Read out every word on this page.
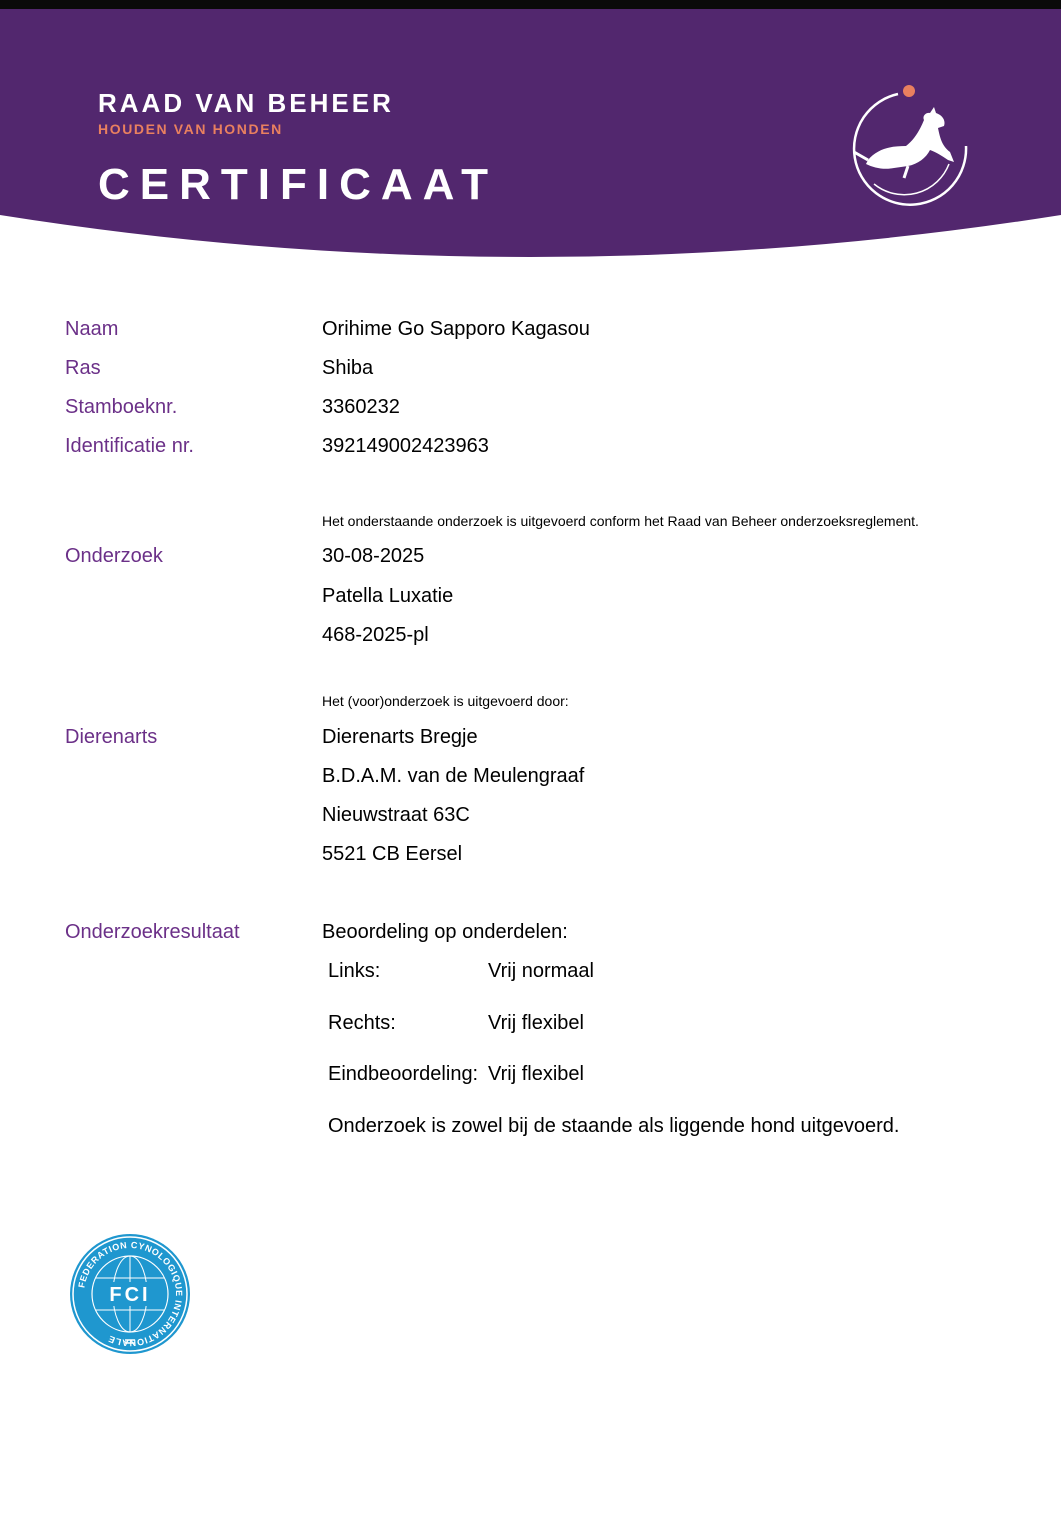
RAAD VAN BEHEER
HOUDEN VAN HONDEN
CERTIFICAAT
Naam	Orihime Go Sapporo Kagasou
Ras	Shiba
Stamboeknr.	3360232
Identificatie nr.	392149002423963
Het onderstaande onderzoek is uitgevoerd conform het Raad van Beheer onderzoeksreglement.
Onderzoek	30-08-2025
Patella Luxatie
468-2025-pl
Het (voor)onderzoek is uitgevoerd door:
Dierenarts	Dierenarts Bregje
B.D.A.M. van de Meulengraaf
Nieuwstraat 63C
5521 CB Eersel
Onderzoekresultaat	Beoordeling op onderdelen:
Links:	Vrij normaal
Rechts:	Vrij flexibel
Eindbeoordeling: Vrij flexibel
Onderzoek is zowel bij de staande als liggende hond uitgevoerd.
FCI
FEDERATION CYNOLOGIQUE INTERNATIONALE
